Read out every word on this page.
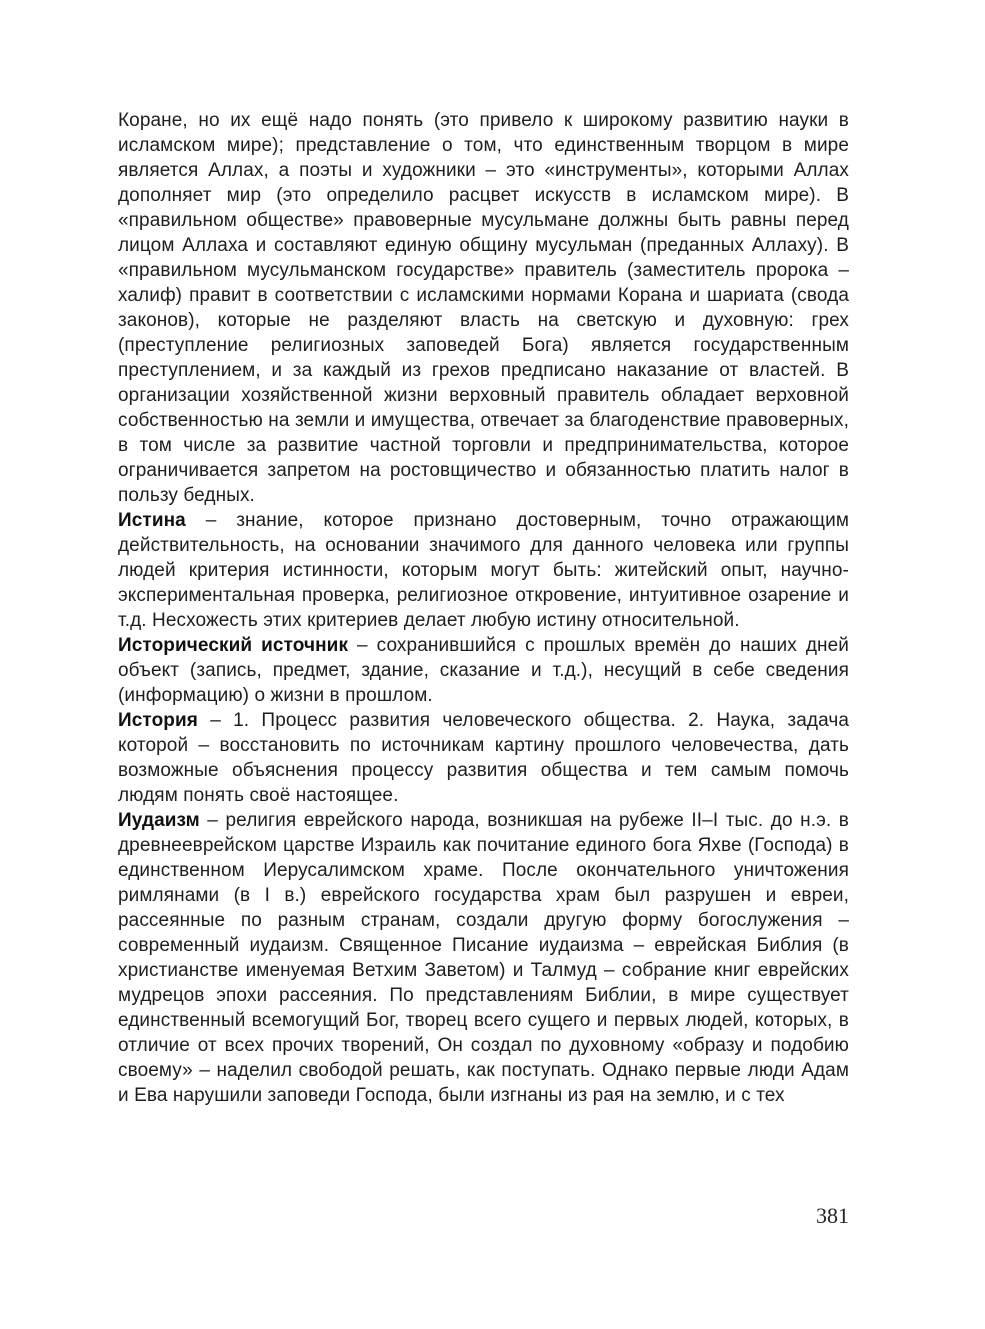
Коране, но их ещё надо понять (это привело к широкому развитию науки в исламском мире); представление о том, что единственным творцом в мире является Аллах, а поэты и художники – это «инструменты», которыми Аллах дополняет мир (это определило расцвет искусств в исламском мире). В «правильном обществе» правоверные мусульмане должны быть равны перед лицом Аллаха и составляют единую общину мусульман (преданных Аллаху). В «правильном мусульманском государстве» правитель (заместитель пророка – халиф) правит в соответствии с исламскими нормами Корана и шариата (свода законов), которые не разделяют власть на светскую и духовную: грех (преступление религиозных заповедей Бога) является государственным преступлением, и за каждый из грехов предписано наказание от властей. В организации хозяйственной жизни верховный правитель обладает верховной собственностью на земли и имущества, отвечает за благоденствие правоверных, в том числе за развитие частной торговли и предпринимательства, которое ограничивается запретом на ростовщичество и обязанностью платить налог в пользу бедных.

Истина – знание, которое признано достоверным, точно отражающим действительность, на основании значимого для данного человека или группы людей критерия истинности, которым могут быть: житейский опыт, научно-экспериментальная проверка, религиозное откровение, интуитивное озарение и т.д. Несхожесть этих критериев делает любую истину относительной.

Исторический источник – сохранившийся с прошлых времён до наших дней объект (запись, предмет, здание, сказание и т.д.), несущий в себе сведения (информацию) о жизни в прошлом.

История – 1. Процесс развития человеческого общества. 2. Наука, задача которой – восстановить по источникам картину прошлого человечества, дать возможные объяснения процессу развития общества и тем самым помочь людям понять своё настоящее.

Иудаизм – религия еврейского народа, возникшая на рубеже II–I тыс. до н.э. в древнееврейском царстве Израиль как почитание единого бога Яхве (Господа) в единственном Иерусалимском храме. После окончательного уничтожения римлянами (в I в.) еврейского государства храм был разрушен и евреи, рассеянные по разным странам, создали другую форму богослужения – современный иудаизм. Священное Писание иудаизма – еврейская Библия (в христианстве именуемая Ветхим Заветом) и Талмуд – собрание книг еврейских мудрецов эпохи рассеяния. По представлениям Библии, в мире существует единственный всемогущий Бог, творец всего сущего и первых людей, которых, в отличие от всех прочих творений, Он создал по духовному «образу и подобию своему» – наделил свободой решать, как поступать. Однако первые люди Адам и Ева нарушили заповеди Господа, были изгнаны из рая на землю, и с тех

381
